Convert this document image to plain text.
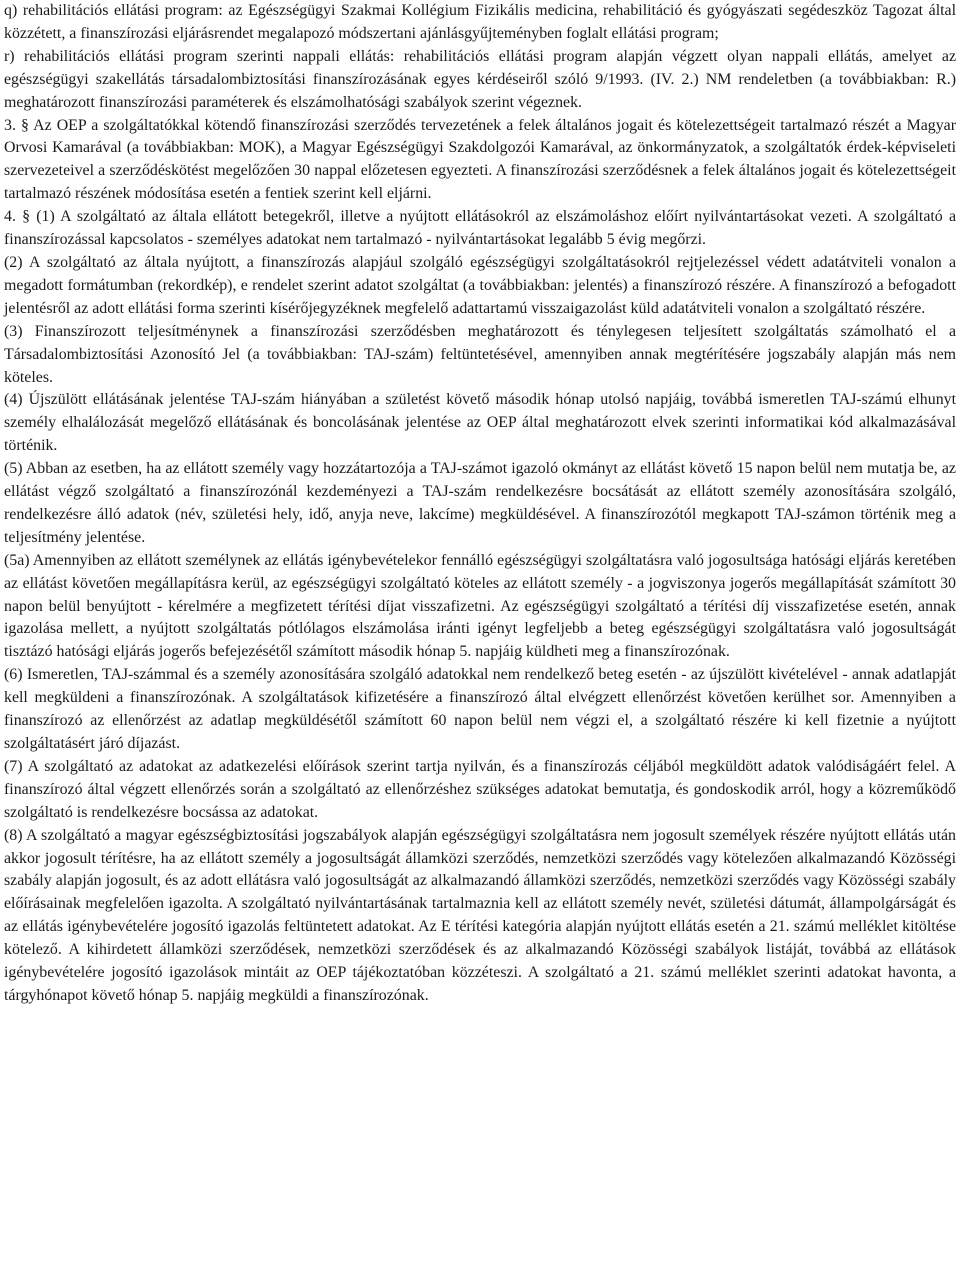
q) rehabilitációs ellátási program: az Egészségügyi Szakmai Kollégium Fizikális medicina, rehabilitáció és gyógyászati segédeszköz Tagozat által közzétett, a finanszírozási eljárásrendet megalapozó módszertani ajánlásgyűjteményben foglalt ellátási program;

r) rehabilitációs ellátási program szerinti nappali ellátás: rehabilitációs ellátási program alapján végzett olyan nappali ellátás, amelyet az egészségügyi szakellátás társadalombiztosítási finanszírozásának egyes kérdéseiről szóló 9/1993. (IV. 2.) NM rendeletben (a továbbiakban: R.) meghatározott finanszírozási paraméterek és elszámolhatósági szabályok szerint végeznek.

3. § Az OEP a szolgáltatókkal kötendő finanszírozási szerződés tervezetének a felek általános jogait és kötelezettségeit tartalmazó részét a Magyar Orvosi Kamarával (a továbbiakban: MOK), a Magyar Egészségügyi Szakdolgozói Kamarával, az önkormányzatok, a szolgáltatók érdek-képviseleti szervezeteivel a szerződéskötést megelőzően 30 nappal előzetesen egyezteti. A finanszírozási szerződésnek a felek általános jogait és kötelezettségeit tartalmazó részének módosítása esetén a fentiek szerint kell eljárni.

4. § (1) A szolgáltató az általa ellátott betegekről, illetve a nyújtott ellátásokról az elszámoláshoz előírt nyilvántartásokat vezeti. A szolgáltató a finanszírozással kapcsolatos - személyes adatokat nem tartalmazó - nyilvántartásokat legalább 5 évig megőrzi.

(2) A szolgáltató az általa nyújtott, a finanszírozás alapjául szolgáló egészségügyi szolgáltatásokról rejtjelezéssel védett adatátviteli vonalon a megadott formátumban (rekordkép), e rendelet szerint adatot szolgáltat (a továbbiakban: jelentés) a finanszírozó részére. A finanszírozó a befogadott jelentésről az adott ellátási forma szerinti kísérőjegyzéknek megfelelő adattartamú visszaigazolást küld adatátviteli vonalon a szolgáltató részére.

(3) Finanszírozott teljesítménynek a finanszírozási szerződésben meghatározott és ténylegesen teljesített szolgáltatás számolható el a Társadalombiztosítási Azonosító Jel (a továbbiakban: TAJ-szám) feltüntetésével, amennyiben annak megtérítésére jogszabály alapján más nem köteles.

(4) Újszülött ellátásának jelentése TAJ-szám hiányában a születést követő második hónap utolsó napjáig, továbbá ismeretlen TAJ-számú elhunyt személy elhalálozását megelőző ellátásának és boncolásának jelentése az OEP által meghatározott elvek szerinti informatikai kód alkalmazásával történik.

(5) Abban az esetben, ha az ellátott személy vagy hozzátartozója a TAJ-számot igazoló okmányt az ellátást követő 15 napon belül nem mutatja be, az ellátást végző szolgáltató a finanszírozónál kezdeményezi a TAJ-szám rendelkezésre bocsátását az ellátott személy azonosítására szolgáló, rendelkezésre álló adatok (név, születési hely, idő, anyja neve, lakcíme) megküldésével. A finanszírozótól megkapott TAJ-számon történik meg a teljesítmény jelentése.

(5a) Amennyiben az ellátott személynek az ellátás igénybevételekor fennálló egészségügyi szolgáltatásra való jogosultsága hatósági eljárás keretében az ellátást követően megállapításra kerül, az egészségügyi szolgáltató köteles az ellátott személy - a jogviszonya jogerős megállapítását számított 30 napon belül benyújtott - kérelmére a megfizetett térítési díjat visszafizetni. Az egészségügyi szolgáltató a térítési díj visszafizetése esetén, annak igazolása mellett, a nyújtott szolgáltatás pótlólagos elszámolása iránti igényt legfeljebb a beteg egészségügyi szolgáltatásra való jogosultságát tisztázó hatósági eljárás jogerős befejezésétől számított második hónap 5. napjáig küldheti meg a finanszírozónak.

(6) Ismeretlen, TAJ-számmal és a személy azonosítására szolgáló adatokkal nem rendelkező beteg esetén - az újszülött kivételével - annak adatlapját kell megküldeni a finanszírozónak. A szolgáltatások kifizetésére a finanszírozó által elvégzett ellenőrzést követően kerülhet sor. Amennyiben a finanszírozó az ellenőrzést az adatlap megküldésétől számított 60 napon belül nem végzi el, a szolgáltató részére ki kell fizetnie a nyújtott szolgáltatásért járó díjazást.

(7) A szolgáltató az adatokat az adatkezelési előírások szerint tartja nyilván, és a finanszírozás céljából megküldött adatok valódiságáért felel. A finanszírozó által végzett ellenőrzés során a szolgáltató az ellenőrzéshez szükséges adatokat bemutatja, és gondoskodik arról, hogy a közreműködő szolgáltató is rendelkezésre bocsássa az adatokat.

(8) A szolgáltató a magyar egészségbiztosítási jogszabályok alapján egészségügyi szolgáltatásra nem jogosult személyek részére nyújtott ellátás után akkor jogosult térítésre, ha az ellátott személy a jogosultságát államközi szerződés, nemzetközi szerződés vagy kötelezően alkalmazandó Közösségi szabály alapján jogosult, és az adott ellátásra való jogosultságát az alkalmazandó államközi szerződés, nemzetközi szerződés vagy Közösségi szabály előírásainak megfelelően igazolta. A szolgáltató nyilvántartásának tartalmaznia kell az ellátott személy nevét, születési dátumát, állampolgárságát és az ellátás igénybevételére jogosító igazolás feltüntetett adatokat. Az E térítési kategória alapján nyújtott ellátás esetén a 21. számú melléklet kitöltése kötelező. A kihirdetett államközi szerződések, nemzetközi szerződések és az alkalmazandó Közösségi szabályok listáját, továbbá az ellátások igénybevételére jogosító igazolások mintáit az OEP tájékoztatóban közzéteszi. A szolgáltató a 21. számú melléklet szerinti adatokat havonta, a tárgyhónapot követő hónap 5. napjáig megküldi a finanszírozónak.
